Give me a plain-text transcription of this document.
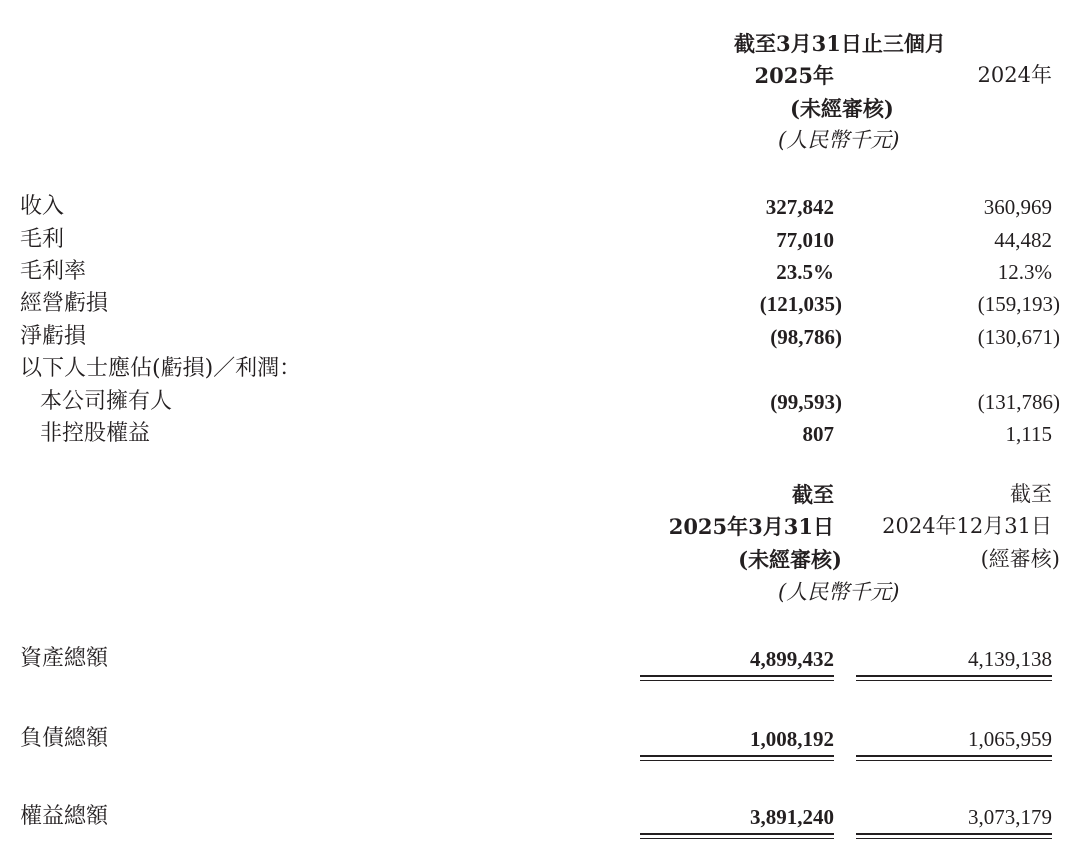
截至3月31日止三個月
2025年	2024年
(未經審核)
(人民幣千元)
收入	327,842	360,969
毛利	77,010	44,482
毛利率	23.5%	12.3%
經營虧損	(121,035)	(159,193)
淨虧損	(98,786)	(130,671)
以下人士應佔(虧損)／利潤：
本公司擁有人	(99,593)	(131,786)
非控股權益	807	1,115
截至	截至
2025年3月31日 2024年12月31日
(未經審核)	(經審核)
(人民幣千元)
資產總額	4,899,432	4,139,138
負債總額	1,008,192	1,065,959
權益總額	3,891,240	3,073,179
